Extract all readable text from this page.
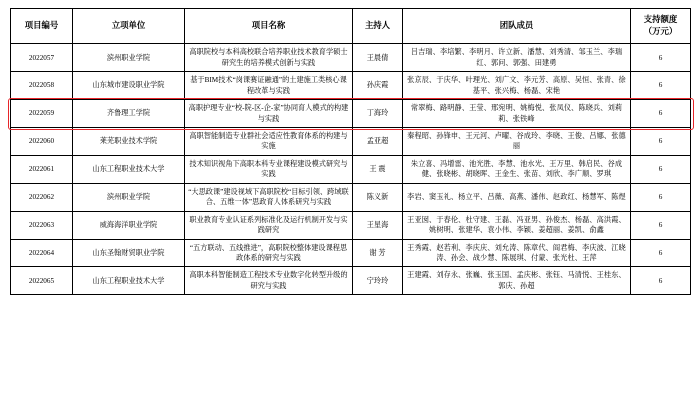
项目编号	立项单位	项目名称	主持人	团队成员	支持额度
（万元）

2022057	滨州职业学院	高职院校与本科高校联合培养职业技术教育学硕士研究生的培养模式创新与实践	王晨倩	吕吉瑞、李培繁、李明月、许立新、潘慧、刘秀清、邹玉兰、李瑞红、郭问、郭强、田建勇	6
2022058	山东城市建设职业学院	基于BIM技术“岗课赛证融通”的土建施工类核心课程改革与实践	孙庆霞	张京辰、于庆华、叶理光、刘广文、李元芳、高原、吴恒、张青、徐基平、张兴梅、杨磊、宋艳	6
2022059	齐鲁理工学院	高职护理专业“校-院-区-企-家”协同育人模式的构建与实践	丁海玲	常翠梅、路明静、王莹、邢宛明、姚梅悦、张凤仪、陈晓兵、刘莉莉、张铁峰	6
2022060	莱芜职业技术学院	高职智能制造专业群社会适应性教育体系的构建与实施	孟亚超	秦程昭、孙锋申、王元河、卢曜、谷成玲、李晓、王俊、吕娜、张德丽	6
2022061	山东工程职业技术大学	技术知识视角下高职本科专业课程建设模式研究与实践	王 震	朱立喜、冯增雷、池光胜、李慧、池水光、王万里、韩启民、谷成健、张晓彬、胡晓晖、王金生、张苗、刘欣、李广顺、罗琪	6
2022062	滨州职业学院	“大思政课”建设视域下高职院校“目标引领、跨域联合、五维一体”思政育人体系研究与实践	陈义新	李岩、窦玉礼、杨立平、吕薇、高燕、潘伟、赵政红、杨慧军、陈煜	6
2022063	威海海洋职业学院	职业教育专业认证系列标准化及运行机制开发与实践研究	王星海	王亚囡、于春伦、杜守建、王磊、冯亚男、孙俊杰、杨磊、高洪霞、姚树明、张建华、袁小伟、李颖、姜超丽、姜凯、俞鑫	6
2022064	山东圣翰财贸职业学院	“五方联动、五线推进”，高职院校整体建设课程思政体系的研究与实践	谢 芳	王秀霞、赵若利、李庆庆、刘允涛、陈章代、阎君梅、李庆波、江晓涛、孙会、战少慧、陈展琪、付蒙、张光杜、王萍	6
2022065	山东工程职业技术大学	高职本科智能制造工程技术专业数字化转型升级的研究与实践	宁玲玲	王建霞、刘存永、张巍、张玉国、孟庆彬、张钰、马清悦、王桂东、郭庆、孙超	6
